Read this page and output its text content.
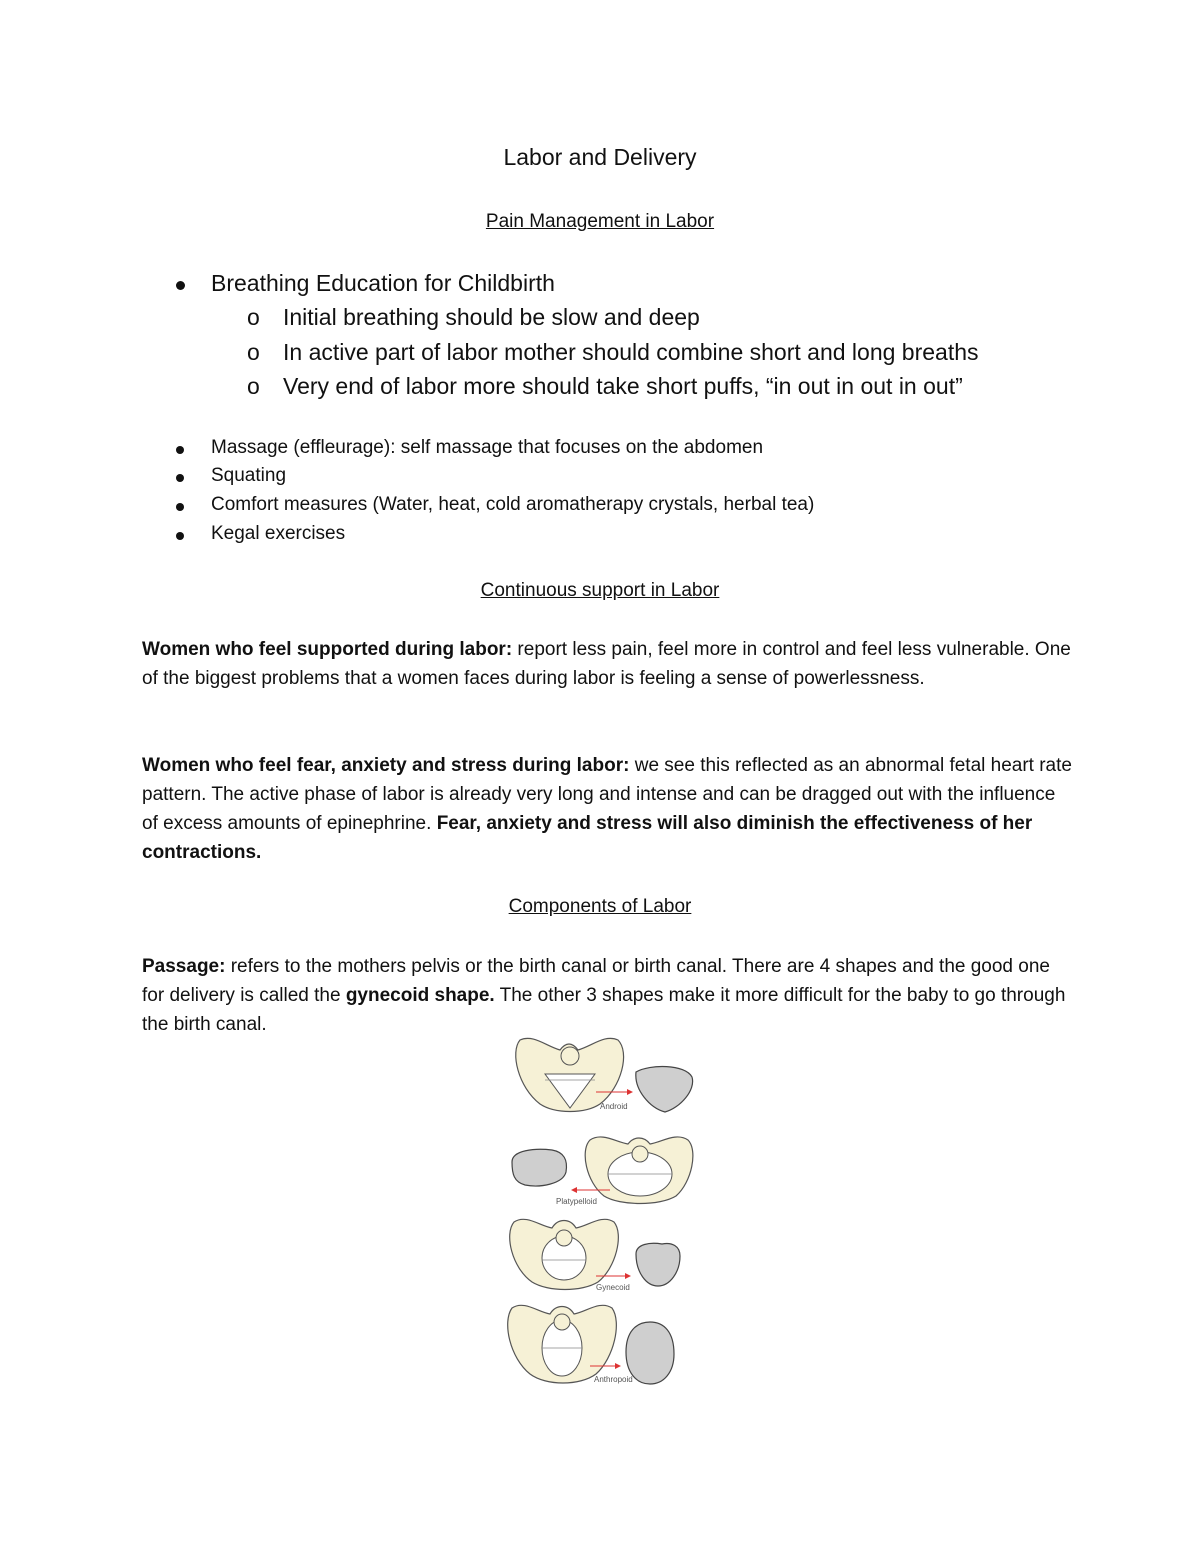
Labor and Delivery
Pain Management in Labor
Breathing Education for Childbirth
o Initial breathing should be slow and deep
o In active part of labor mother should combine short and long breaths
o Very end of labor more should take short puffs, “in out in out in out”
Massage (effleurage): self massage that focuses on the abdomen
Squating
Comfort measures (Water, heat, cold aromatherapy crystals, herbal tea)
Kegal exercises
Continuous support in Labor
Women who feel supported during labor: report less pain, feel more in control and feel less vulnerable. One of the biggest problems that a women faces during labor is feeling a sense of powerlessness.
Women who feel fear, anxiety and stress during labor: we see this reflected as an abnormal fetal heart rate pattern. The active phase of labor is already very long and intense and can be dragged out with the influence of excess amounts of epinephrine. Fear, anxiety and stress will also diminish the effectiveness of her contractions.
Components of Labor
Passage: refers to the mothers pelvis or the birth canal or birth canal. There are 4 shapes and the good one for delivery is called the gynecoid shape. The other 3 shapes make it more difficult for the baby to go through the birth canal.
Android
Platypelloid
Gynecoid
Anthropoid
